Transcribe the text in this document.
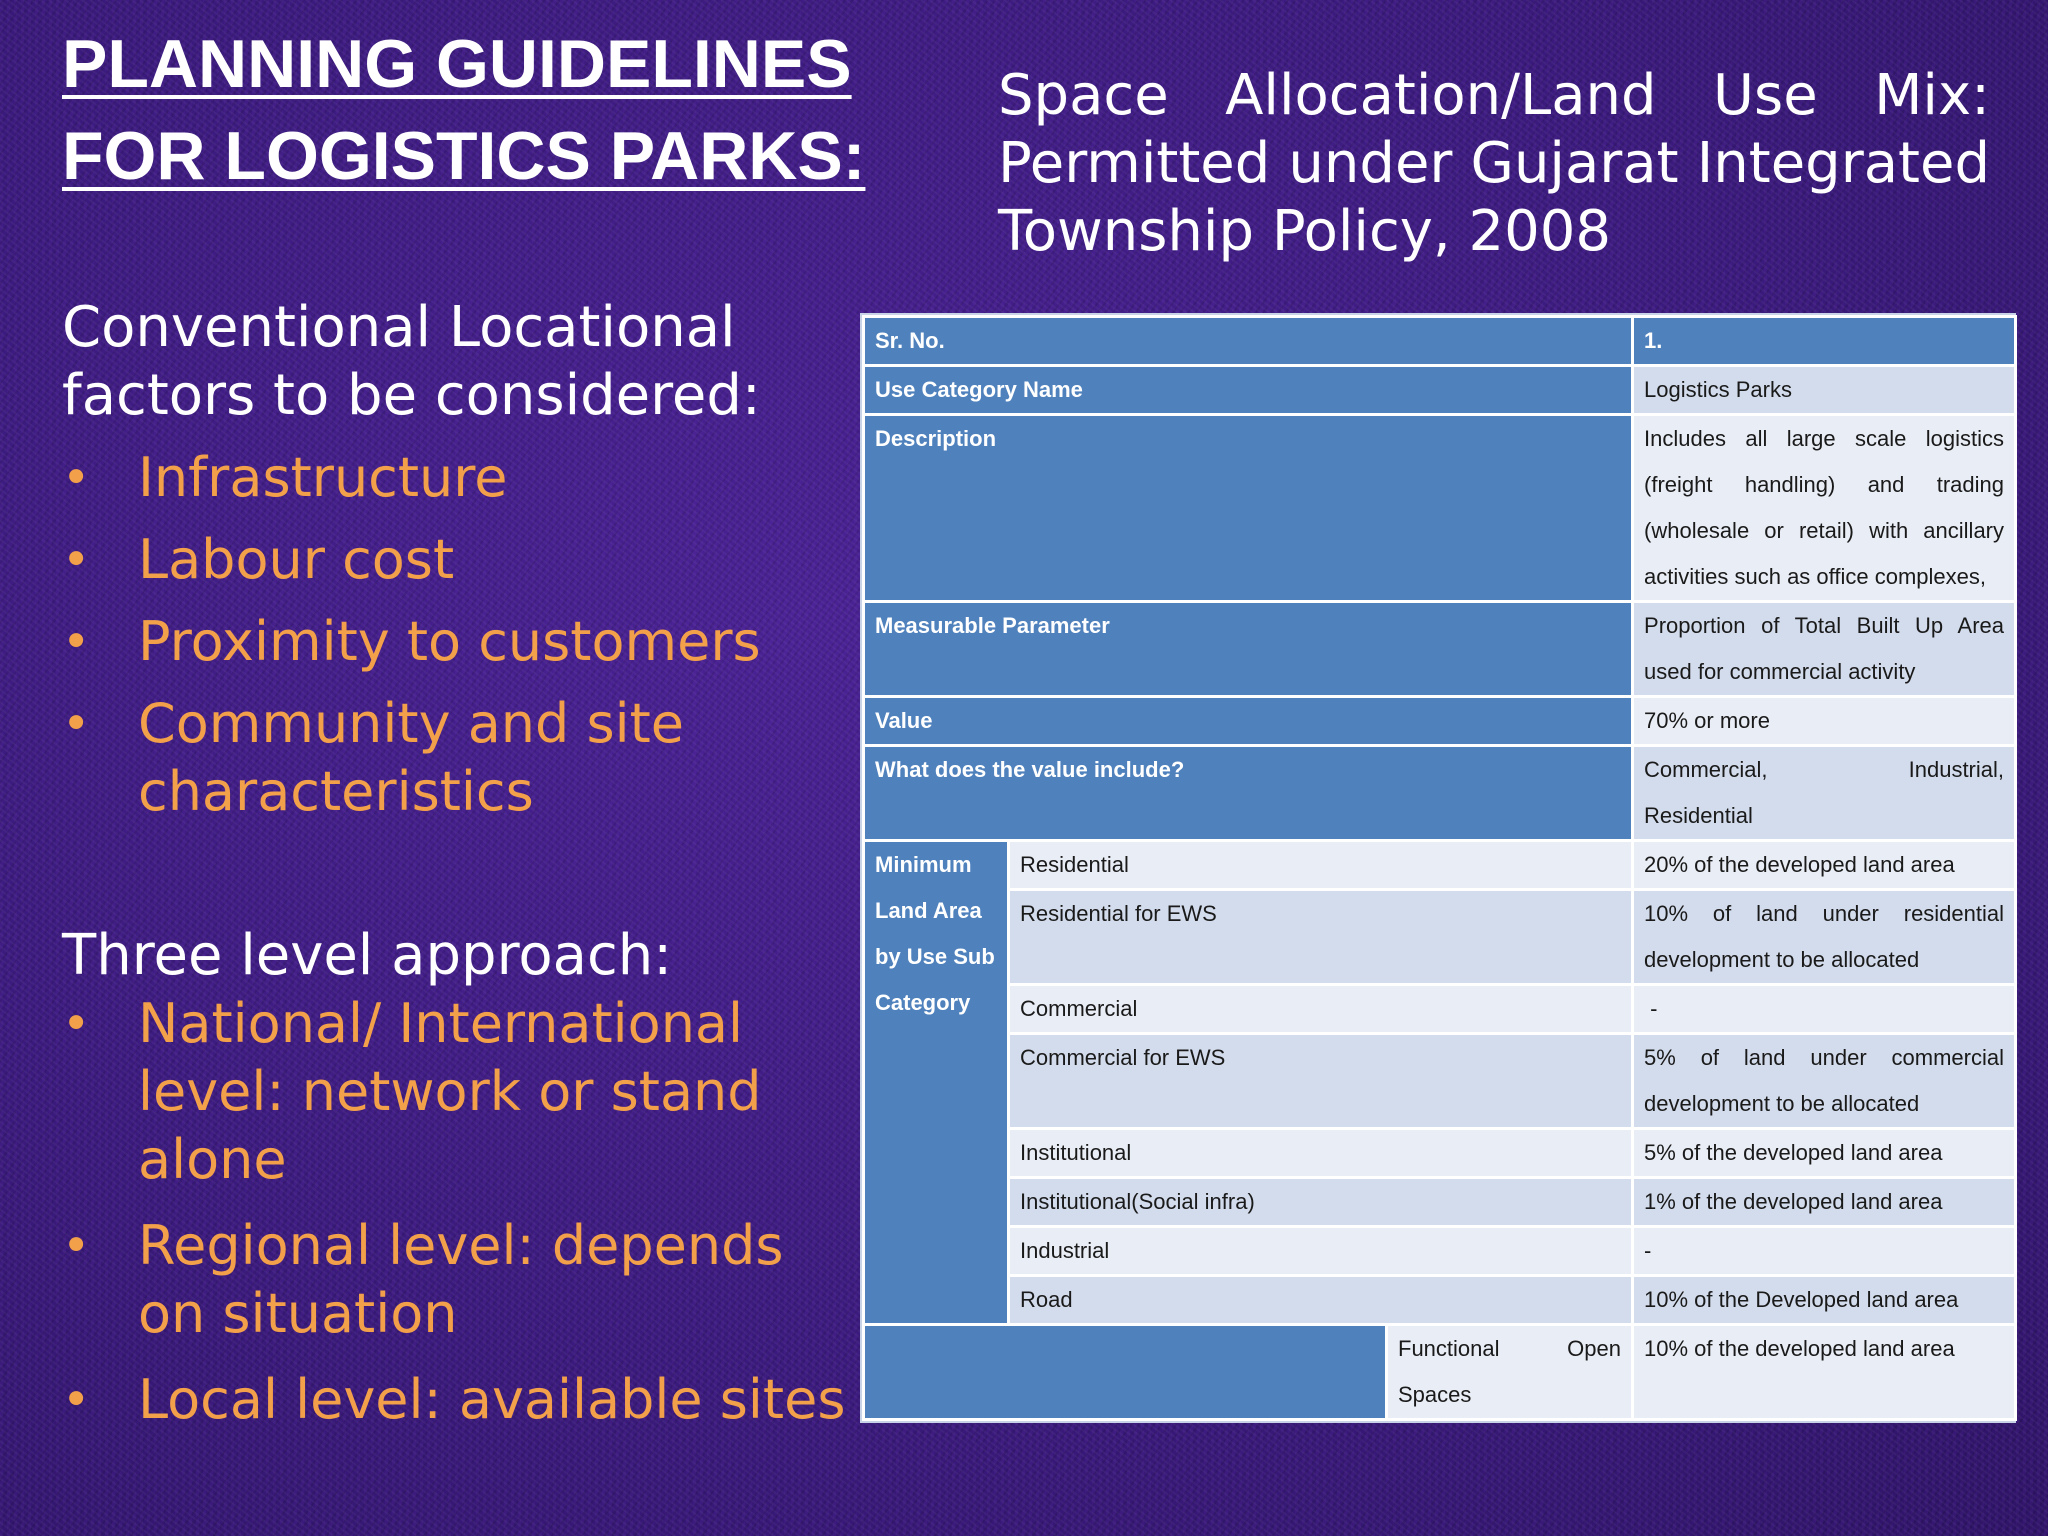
PLANNING GUIDELINES
FOR LOGISTICS PARKS:
Space Allocation/Land Use Mix: Permitted under Gujarat Integrated Township Policy, 2008

Conventional Locational
factors to be considered:

• Infrastructure
• Labour cost
• Proximity to customers
• Community and site characteristics

Three level approach:

• National/ International level: network or stand alone
• Regional level: depends on situation
• Local level: available sites
Sr. No.		1.
Use Category Name		Logistics Parks
Description		Includes all large scale logistics (freight handling) and trading (wholesale or retail) with ancillary activities such as office complexes,
Measurable Parameter		Proportion of Total Built Up Area used for commercial activity
Value		70% or more
What does the value include?		Commercial, Industrial,
Residential
Minimum

Land Area
by Use Sub
Category	Residential	20% of the developed land area
	Residential for EWS	10% of land under residential development to be allocated
	Commercial	-
	Commercial for EWS	5% of land under commercial development to be allocated
	Institutional	5% of the developed land area
	Institutional(Social infra)	1% of the developed land area
	Industrial	-
	Road	10% of the Developed land area
	Functional Open Spaces	10% of the developed land area
